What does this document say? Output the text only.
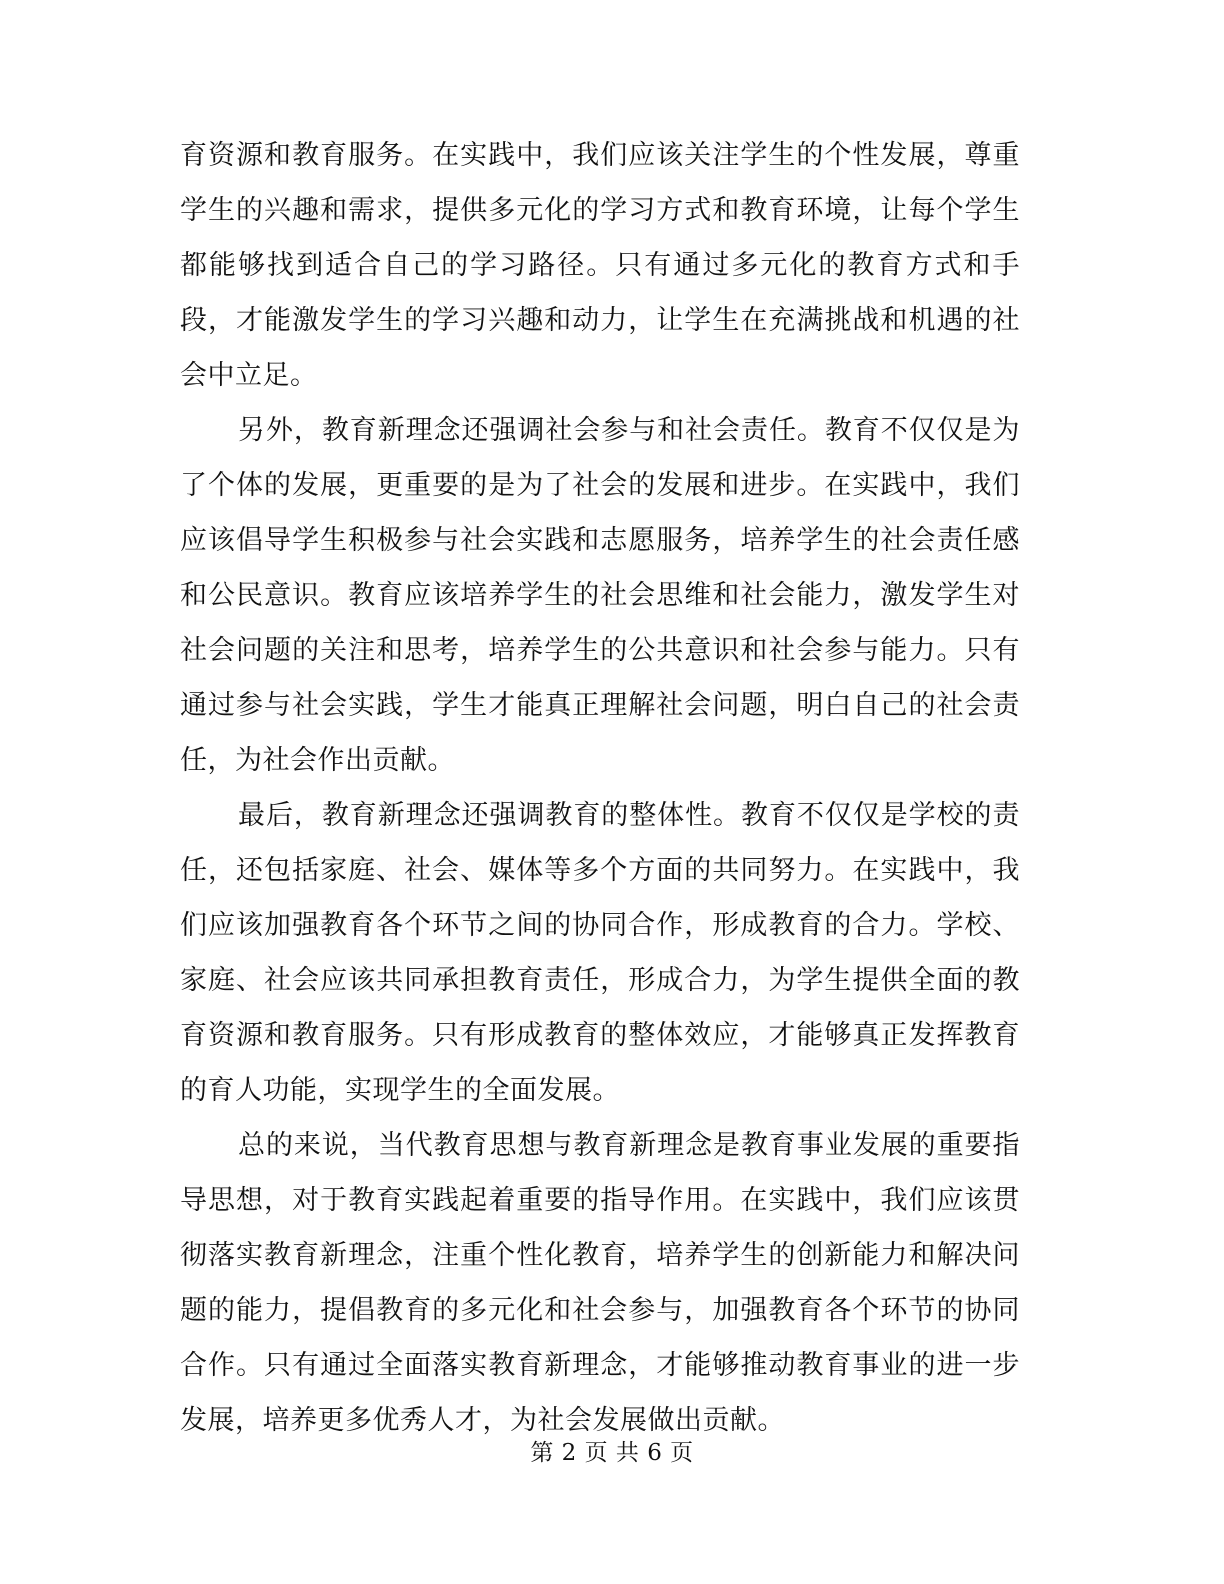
育资源和教育服务。在实践中，我们应该关注学生的个性发展，尊重学生的兴趣和需求，提供多元化的学习方式和教育环境，让每个学生都能够找到适合自己的学习路径。只有通过多元化的教育方式和手段，才能激发学生的学习兴趣和动力，让学生在充满挑战和机遇的社会中立足。

另外，教育新理念还强调社会参与和社会责任。教育不仅仅是为了个体的发展，更重要的是为了社会的发展和进步。在实践中，我们应该倡导学生积极参与社会实践和志愿服务，培养学生的社会责任感和公民意识。教育应该培养学生的社会思维和社会能力，激发学生对社会问题的关注和思考，培养学生的公共意识和社会参与能力。只有通过参与社会实践，学生才能真正理解社会问题，明白自己的社会责任，为社会作出贡献。

最后，教育新理念还强调教育的整体性。教育不仅仅是学校的责任，还包括家庭、社会、媒体等多个方面的共同努力。在实践中，我们应该加强教育各个环节之间的协同合作，形成教育的合力。学校、家庭、社会应该共同承担教育责任，形成合力，为学生提供全面的教育资源和教育服务。只有形成教育的整体效应，才能够真正发挥教育的育人功能，实现学生的全面发展。

总的来说，当代教育思想与教育新理念是教育事业发展的重要指导思想，对于教育实践起着重要的指导作用。在实践中，我们应该贯彻落实教育新理念，注重个性化教育，培养学生的创新能力和解决问题的能力，提倡教育的多元化和社会参与，加强教育各个环节的协同合作。只有通过全面落实教育新理念，才能够推动教育事业的进一步发展，培养更多优秀人才，为社会发展做出贡献。

第 2 页 共 6 页
